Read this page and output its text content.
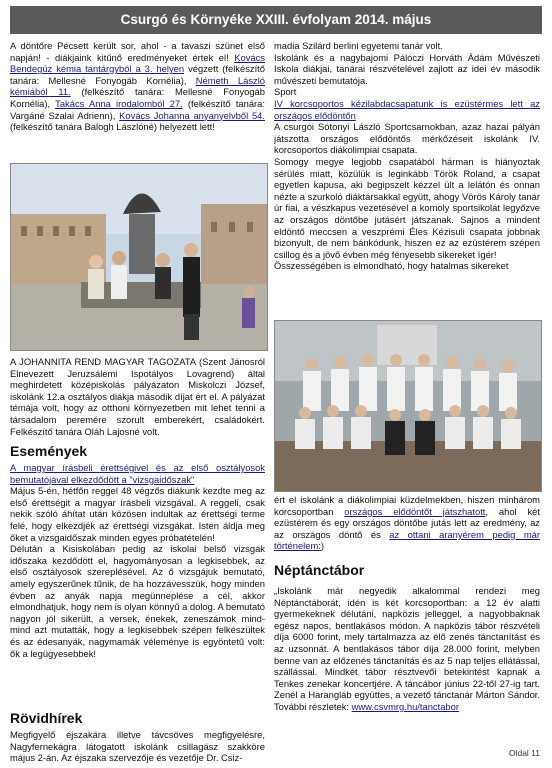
Csurgó és Környéke XXIII. évfolyam 2014. május

A döntőre Pécsett került sor, ahol - a tavaszi szünet első napján! - diákjaink kitűnő eredményeket értek el! Kovács Bendegúz kémia tantárgyból a 3. helyen végzett (felkészítő tanára: Mellesné Fonyogáb Kornélia), Németh László kémiából 11. (felkészítő tanára: Mellesné Fonyogáb Kornélia), Takács Anna irodalomból 27. (felkészítő tanára: Vargáné Szalai Adrienn), Kovács Johanna anyanyelvből 54. (felkészítő tanára Balogh Lászlóné) helyezett lett!

A JOHANNITA REND MAGYAR TAGOZATA (Szent Jánosról Elnevezett Jeruzsálemi Ispotályos Lovagrend) által meghirdetett középiskolás pályázaton Miskolczi József, iskolánk 12.a osztályos diákja második díjat ért el. A pályázat témája volt, hogy az otthoni környezetben mit lehet tenni a társadalom peremére szorult emberekért, családokért. Felkészítő tanára Oláh Lajosné volt.

Események

A magyar írásbeli érettségivel és az első osztályosok bemutatójával elkezdődött a "vizsgaidőszak"

Május 5-én, hétfőn reggel 48 végzős diákunk kezdte meg az első érettségit a magyar írásbeli vizsgával. A reggeli, csak nekik szóló áhítat után közösen indultak az érettségi terme felé, hogy elkezdjék az érettségi vizsgákat. Isten áldja meg őket a vizsgaidőszak minden egyes próbatételén!

Délután a Kisiskolában pedig az iskolai belső vizsgák időszaka kezdődött el, hagyományosan a legkisebbek, az első osztályosok szereplésével. Az ő vizsgájuk bemutató, amely egyszerűnek tűnik, de ha hozzávesszük, hogy minden évben az anyák napja megünneplése a cél, akkor elmondhatjuk, hogy nem is olyan könnyű a dolog. A bemutató nagyon jól sikerült, a versek, énekek, zeneszámok mind-mind azt mutatták, hogy a legkisebbek szépen felkészültek és az édesanyák, nagymamák véleménye is egyöntetű volt: ők a legügyesebbek!

Rövidhírek

Megfigyelő éjszakára illetve távcsöves megfigyelésre, Nagyfernekágra látogatott iskolánk csillagász szakköre május 2-án. Az éjszaka szervezője és vezetője Dr. Csiz-

madia Szilárd berlini egyetemi tanár volt.

Iskolánk és a nagybajomi Pálóczi Horváth Ádám Művészeti Iskola diákjai, tanárai részvételével zajlott az idei év második művészeti bemutatója.

Sport

IV korcsoportos kézilabdacsapatunk is ezüstérmes lett az országos elődöntőn

A csurgói Sótonyi László Sportcsarnokban, azaz hazai pályán játszotta országos elődöntős mérkőzéseit iskolánk IV. korcsoportos diákolimpiai csapata.

Somogy megye legjobb csapatából hárman is hiányoztak sérülés miatt, közülük is leginkább Török Roland, a csapat egyetlen kapusa, aki begipszelt kézzel ült a lelátón és onnan nézte a szurkoló diáktársakkal együtt, ahogy Vörös Károly tanár úr fiai, a vészkapus vezetésével a komoly sportsikolát legyőzve az országos döntőbe jutásért játszanak. Sajnos a mindent eldöntő meccsen a veszprémi Éles Kézisuli csapata jobbnak bizonyult, de nem bánkódunk, hiszen ez az ezüstérem szépen csillog és a jövő évben még fényesebb sikereket ígér!

Összességében is elmondható, hogy hatalmas sikereket

ért el iskolánk a diákolimpiai küzdelmekben, hiszen minhárom korcsoportban országos elődöntőt játszhatott, ahol két ezüstérem és egy országos döntőbe jutás lett az eredmény, az az országos döntő és az ottani aranyérem pedig már történelem:)

Néptánctábor

„Iskolánk már negyedik alkalommal rendezi meg Néptánctáborát, idén is két korcsoportban: a 12 év alatti gyermekeknek délutáni, napközis jelleggel, a nagyobbaknak egész napos, bentlakásos módon. A napközis tábor részvételi díja 6000 forint, mely tartalmazza az élő zenés tánctanítást és az uzsonnát. A bentlakásos tábor díja 28.000 forint, melyben benne van az előzenés tánctanítás és az 5 nap teljes ellátással, szállással. Mindkét tábor résztvevői betekintést kapnak a Tenkes zenekar koncertjére. A táncábor június 22-től 27-ig tart. Zenél a Harangláb együttes, a vezető tánctanár Márton Sándor. További részletek: www.csvmrg.hu/tanctabor

Oldal 11
